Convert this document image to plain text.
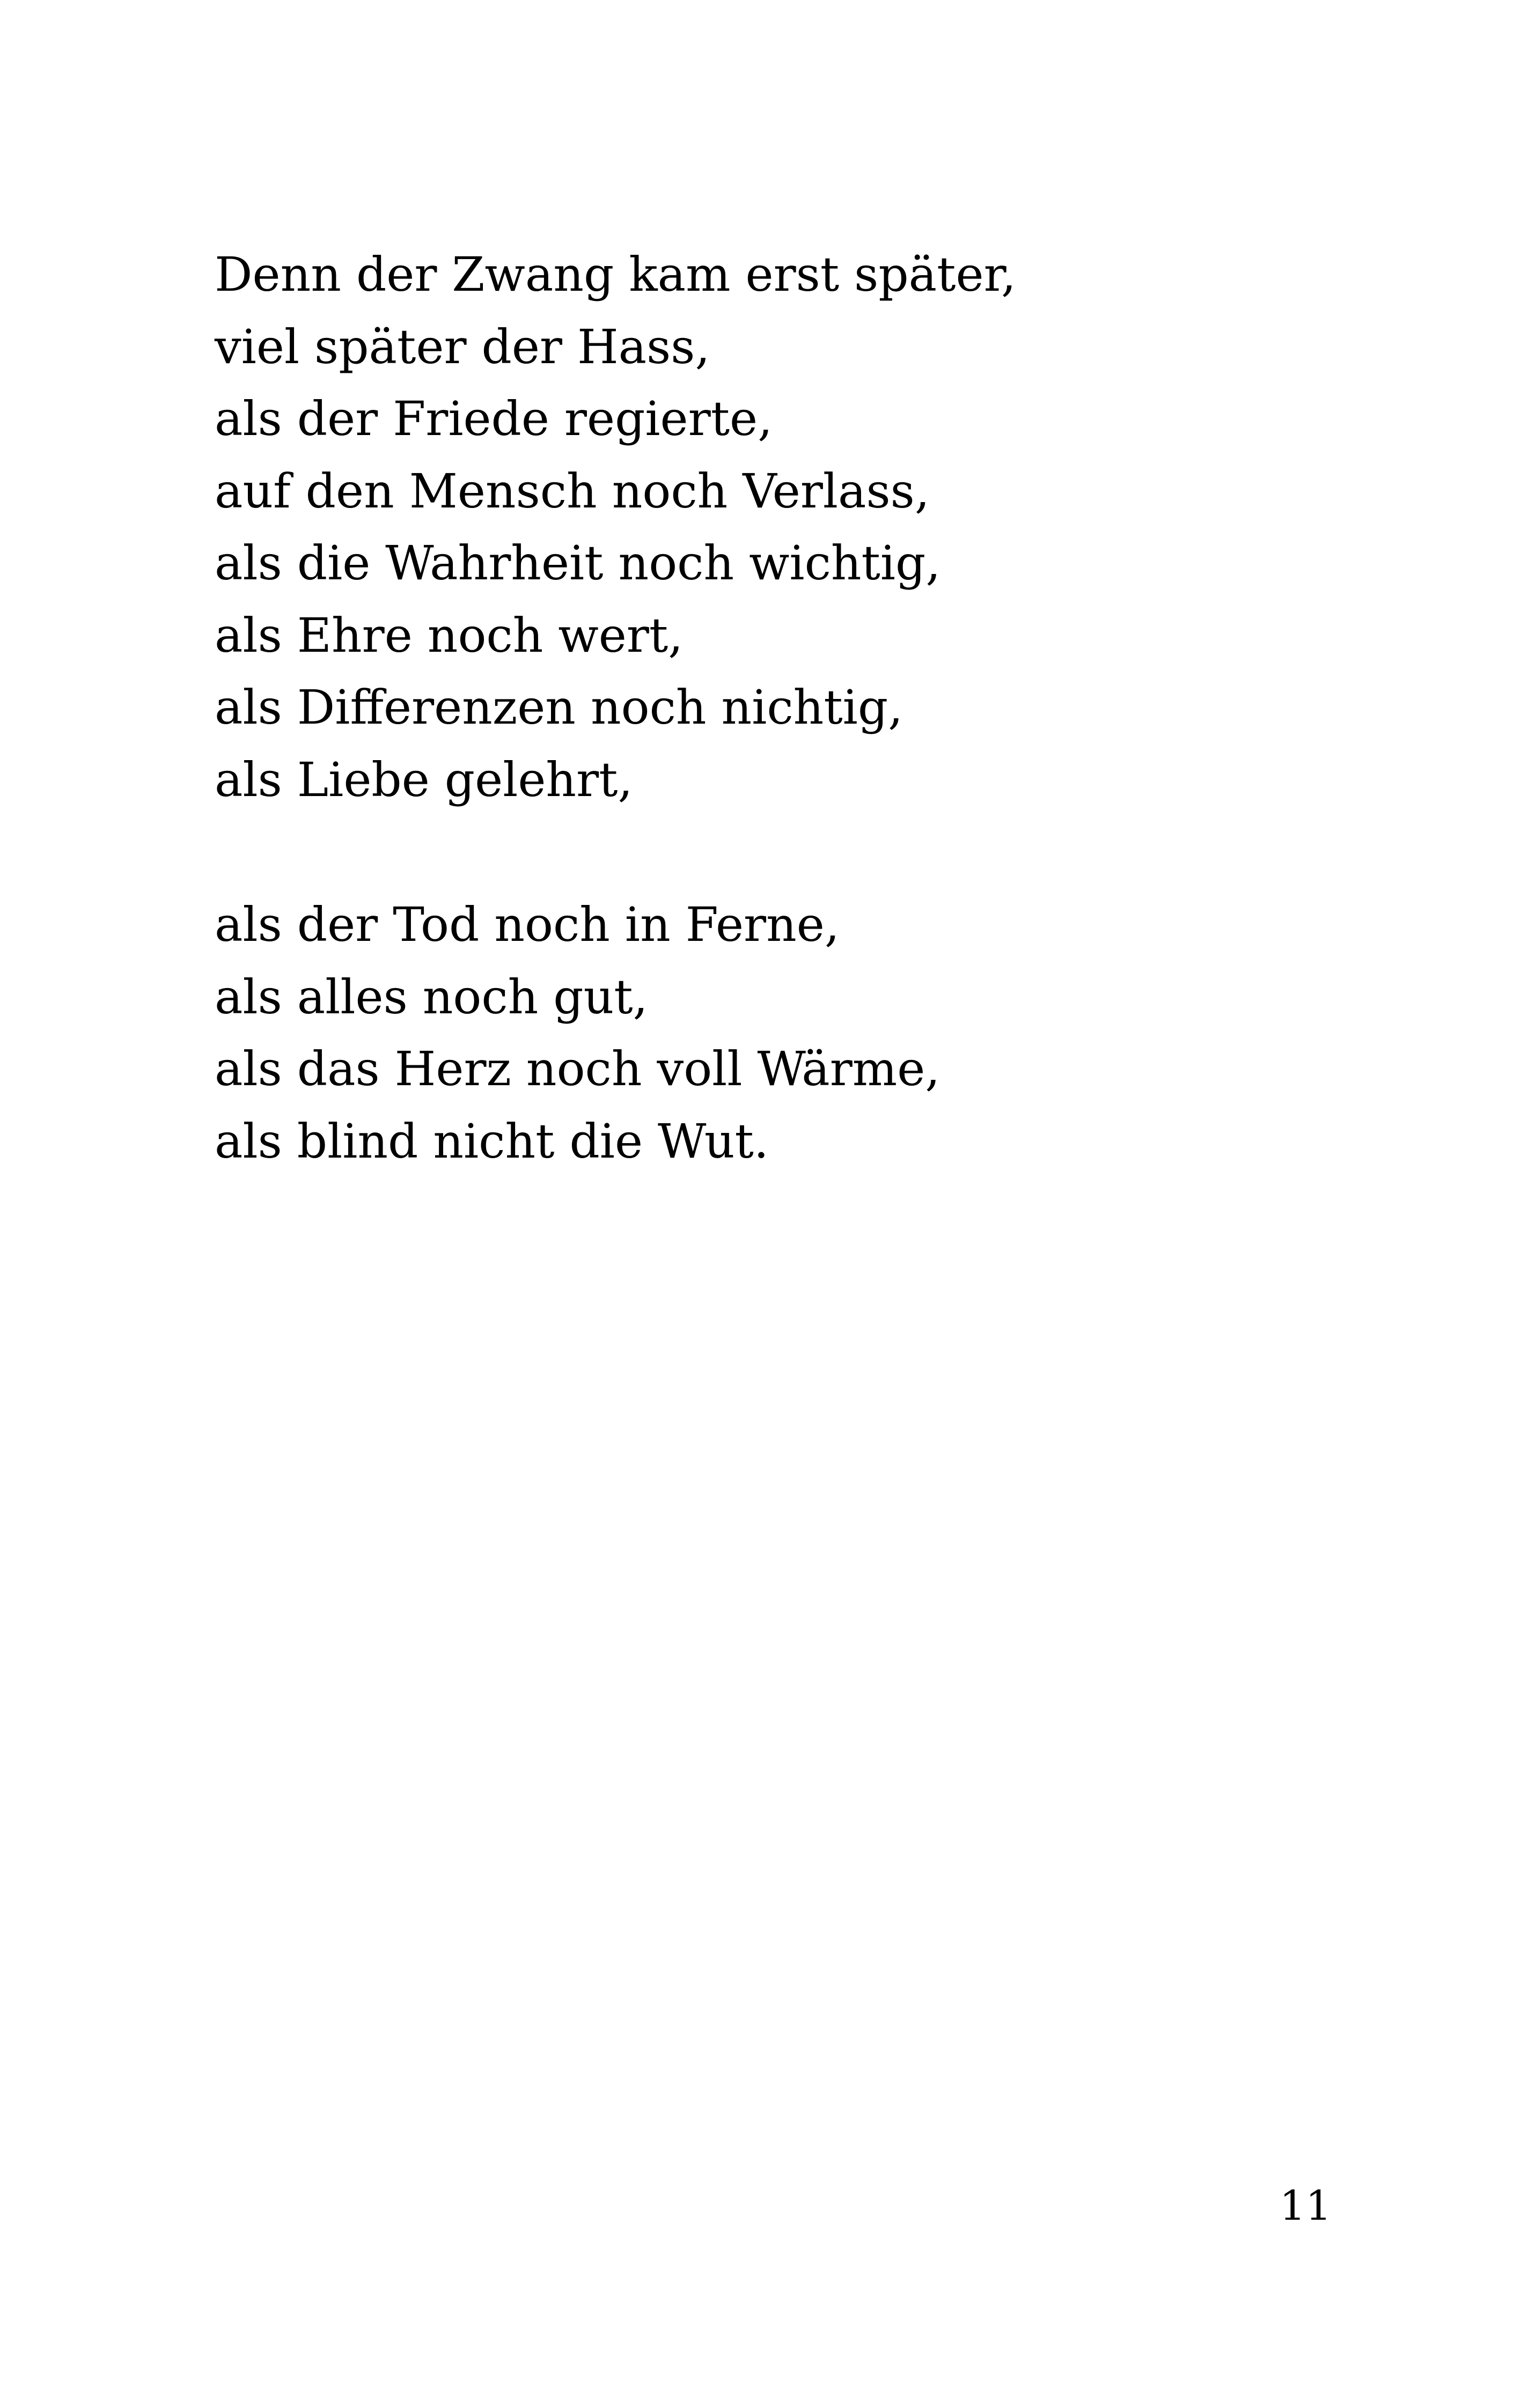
Denn der Zwang kam erst später,
viel später der Hass,
als der Friede regierte,
auf den Mensch noch Verlass,
als die Wahrheit noch wichtig,
als Ehre noch wert,
als Differenzen noch nichtig,
als Liebe gelehrt,

als der Tod noch in Ferne,
als alles noch gut,
als das Herz noch voll Wärme,
als blind nicht die Wut.

11
